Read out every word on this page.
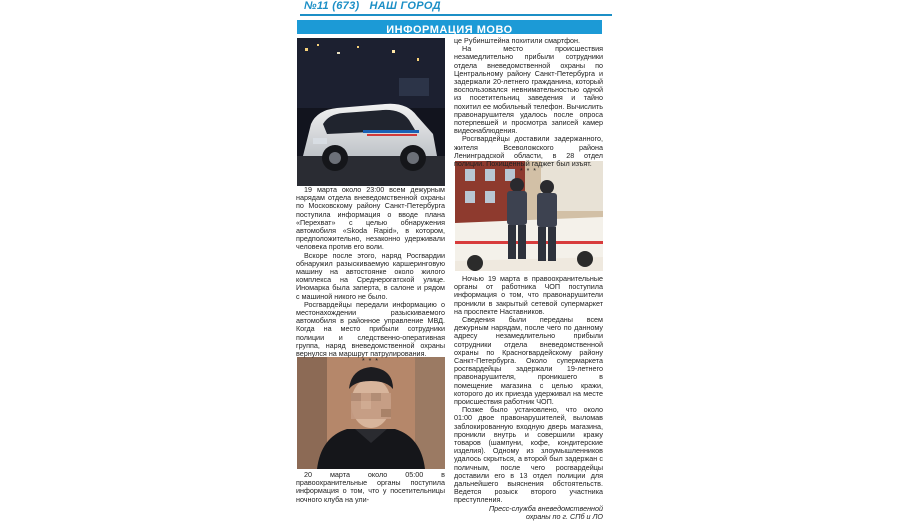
№11 (673) НАШ ГОРОД
ИНФОРМАЦИЯ МОВО

19 марта около 23:00 всем дежурным нарядам отдела вневедомственной охраны по Московскому району Санкт-Петербурга поступила информация о вводе плана «Перехват» с целью обнаружения автомобиля «Skoda Rapid», в котором, предположительно, незаконно удерживали человека против его воли.

Вскоре после этого, наряд Росгвардии обнаружил разыскиваемую каршеринговую машину на автостоянке около жилого комплекса на Среднерогатской улице. Иномарка была заперта, в салоне и рядом с машиной никого не было.

Росгвардейцы передали информацию о местонахождении разыскиваемого автомобиля в районное управление МВД. Когда на место прибыли сотрудники полиции и следственно-оперативная группа, наряд вневедомственной охраны вернулся на маршрут патрулирования.

* * *

20 марта около 05:00 в правоохранительные органы поступила информация о том, что у посетительницы ночного клуба на ули-

це Рубинштейна похитили смартфон.

На место происшествия незамедлительно прибыли сотрудники отдела вневедомственной охраны по Центральному району Санкт-Петербурга и задержали 20-летнего гражданина, который воспользовался невнимательностью одной из посетительниц заведения и тайно похитил ее мобильный телефон. Вычислить правонарушителя удалось после опроса потерпевшей и просмотра записей камер видеонаблюдения.

Росгвардейцы доставили задержанного, жителя Всеволожского района Ленинградской области, в 28 отдел полиции. Похищенный гаджет был изъят.

* * *

Ночью 19 марта в правоохранительные органы от работника ЧОП поступила информация о том, что правонарушители проникли в закрытый сетевой супермаркет на проспекте Наставников.

Сведения были переданы всем дежурным нарядам, после чего по данному адресу незамедлительно прибыли сотрудники отдела вневедомственной охраны по Красногвардейскому району Санкт-Петербурга. Около супермаркета росгвардейцы задержали 19-летнего правонарушителя, проникшего в помещение магазина с целью кражи, которого до их приезда удерживал на месте происшествия работник ЧОП.

Позже было установлено, что около 01:00 двое правонарушителей, выломав заблокированную входную дверь магазина, проникли внутрь и совершили кражу товаров (шампуни, кофе, кондитерские изделия). Одному из злоумышленников удалось скрыться, а второй был задержан с поличным, после чего росгвардейцы доставили его в 13 отдел полиции для дальнейшего выяснения обстоятельств. Ведется розыск второго участника преступления.

Пресс-служба вневедомственной
охраны по г. СПб и ЛО
